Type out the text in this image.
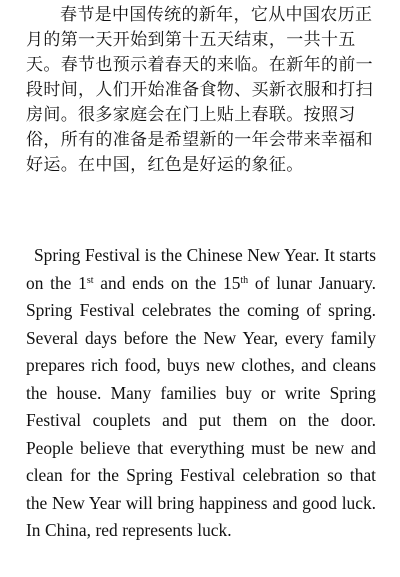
春节是中国传统的新年，它从中国农历正月的第一天开始到第十五天结束，一共十五天。春节也预示着春天的来临。在新年的前一段时间，人们开始准备食物、买新衣服和打扫房间。很多家庭会在门上贴上春联。按照习俗，所有的准备是希望新的一年会带来幸福和好运。在中国，红色是好运的象征。

Spring Festival is the Chinese New Year. It starts on the 1st and ends on the 15th of lunar January. Spring Festival celebrates the coming of spring. Several days before the New Year, every family prepares rich food, buys new clothes, and cleans the house. Many families buy or write Spring Festival couplets and put them on the door. People believe that everything must be new and clean for the Spring Festival celebration so that the New Year will bring happiness and good luck. In China, red represents luck.
